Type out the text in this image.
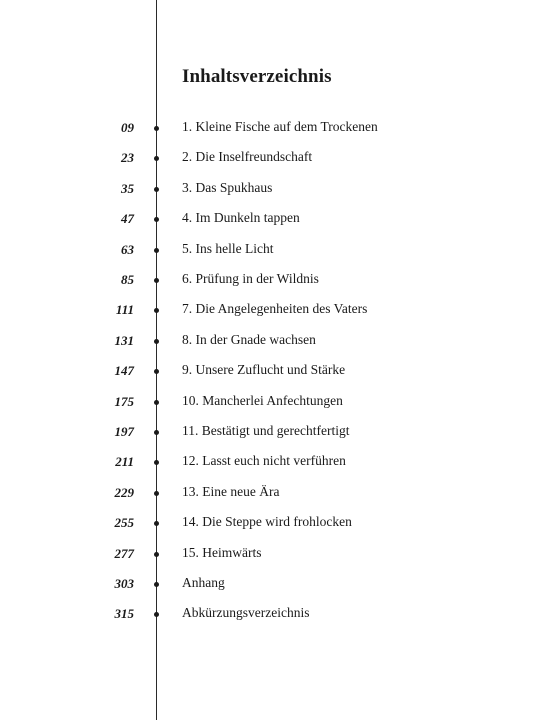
Inhaltsverzeichnis
09	1. Kleine Fische auf dem Trockenen
23	2. Die Inselfreundschaft
35	3. Das Spukhaus
47	4. Im Dunkeln tappen
63	5. Ins helle Licht
85	6. Prüfung in der Wildnis
111	7. Die Angelegenheiten des Vaters
131	8. In der Gnade wachsen
147	9. Unsere Zuflucht und Stärke
175	10. Mancherlei Anfechtungen
197	11. Bestätigt und gerechtfertigt
211	12. Lasst euch nicht verführen
229	13. Eine neue Ära
255	14. Die Steppe wird frohlocken
277	15. Heimwärts
303	Anhang
315	Abkürzungsverzeichnis
